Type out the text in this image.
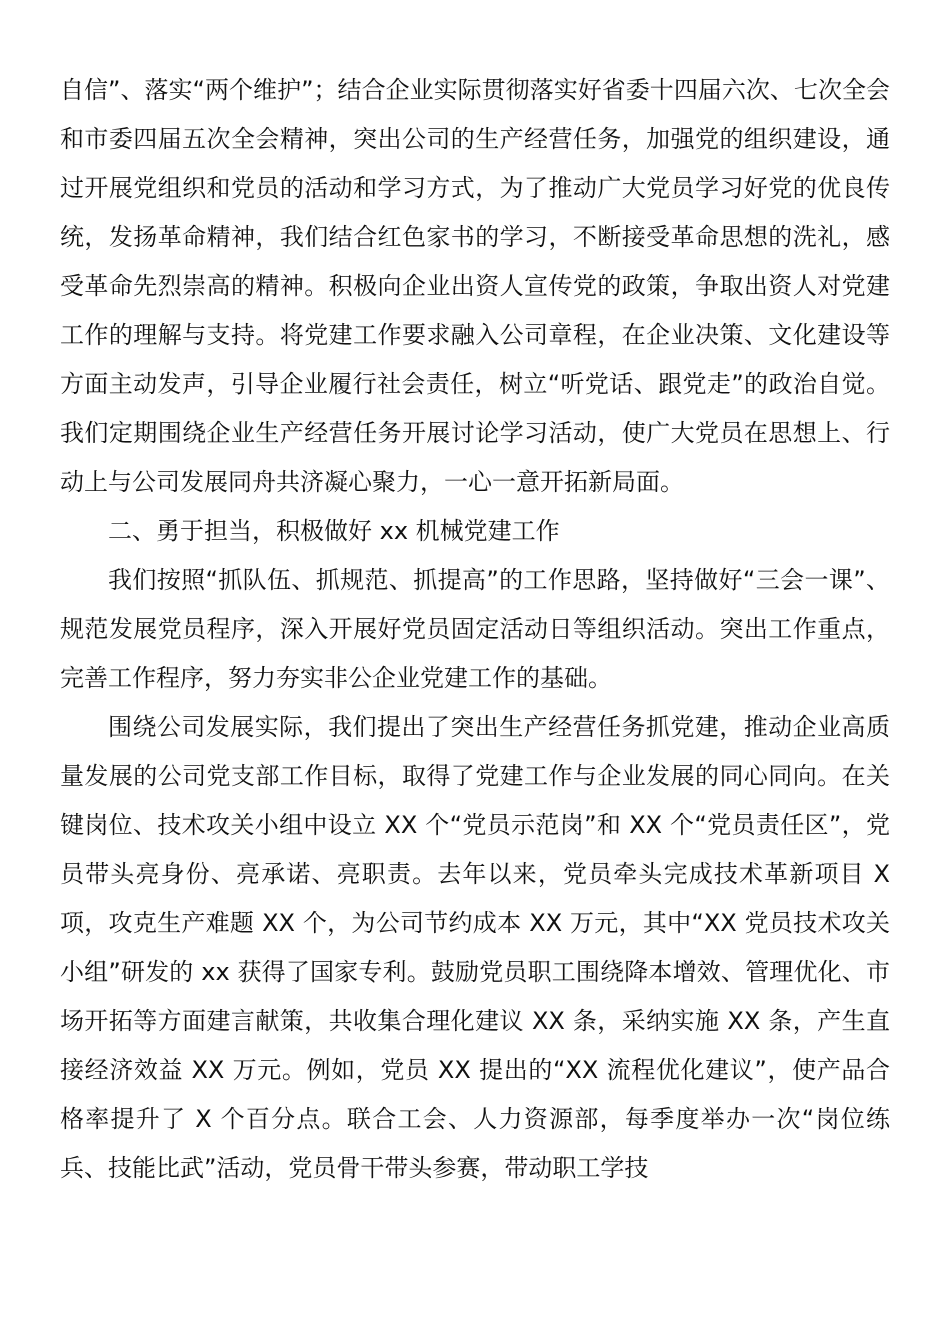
自信”、落实“两个维护”；结合企业实际贯彻落实好省委十四届六次、七次全会和市委四届五次全会精神，突出公司的生产经营任务，加强党的组织建设，通过开展党组织和党员的活动和学习方式，为了推动广大党员学习好党的优良传统，发扬革命精神，我们结合红色家书的学习，不断接受革命思想的洗礼，感受革命先烈崇高的精神。积极向企业出资人宣传党的政策，争取出资人对党建工作的理解与支持。将党建工作要求融入公司章程，在企业决策、文化建设等方面主动发声，引导企业履行社会责任，树立“听党话、跟党走”的政治自觉。我们定期围绕企业生产经营任务开展讨论学习活动，使广大党员在思想上、行动上与公司发展同舟共济凝心聚力，一心一意开拓新局面。

二、勇于担当，积极做好 xx 机械党建工作

我们按照“抓队伍、抓规范、抓提高”的工作思路，坚持做好“三会一课”、规范发展党员程序，深入开展好党员固定活动日等组织活动。突出工作重点，完善工作程序，努力夯实非公企业党建工作的基础。

围绕公司发展实际，我们提出了突出生产经营任务抓党建，推动企业高质量发展的公司党支部工作目标，取得了党建工作与企业发展的同心同向。在关键岗位、技术攻关小组中设立 XX 个“党员示范岗”和 XX 个“党员责任区”，党员带头亮身份、亮承诺、亮职责。去年以来，党员牵头完成技术革新项目 X 项，攻克生产难题 XX 个，为公司节约成本 XX 万元，其中“XX 党员技术攻关小组”研发的 xx 获得了国家专利。鼓励党员职工围绕降本增效、管理优化、市场开拓等方面建言献策，共收集合理化建议 XX 条，采纳实施 XX 条，产生直接经济效益 XX 万元。例如，党员 XX 提出的“XX 流程优化建议”，使产品合格率提升了 X 个百分点。联合工会、人力资源部，每季度举办一次“岗位练兵、技能比武”活动，党员骨干带头参赛，带动职工学技
